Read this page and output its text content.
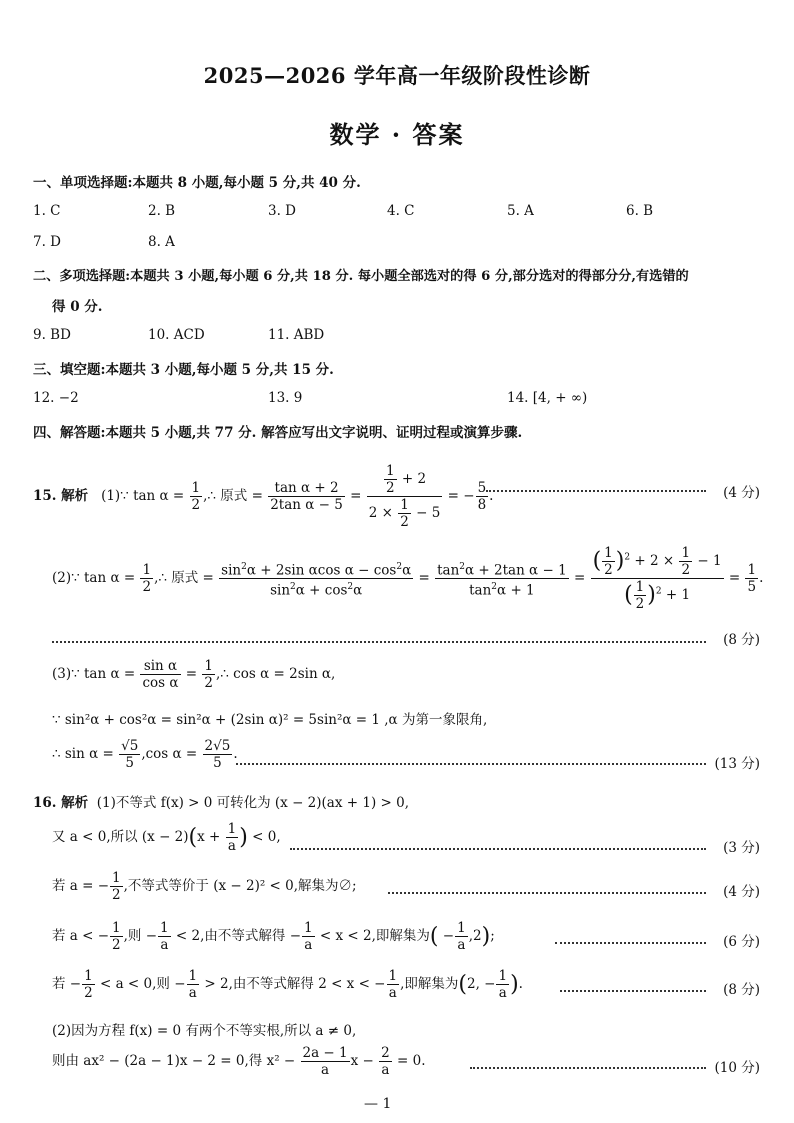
2025—2026 学年高一年级阶段性诊断
数学 · 答案
一、单项选择题:本题共 8 小题,每小题 5 分,共 40 分.
1. C	2. B	3. D	4. C	5. A	6. B
7. D	8. A
二、多项选择题:本题共 3 小题,每小题 6 分,共 18 分. 每小题全部选对的得 6 分,部分选对的得部分分,有选错的
得 0 分.
9. BD	10. ACD	11. ABD
三、填空题:本题共 3 小题,每小题 5 分,共 15 分.
12. −2	13. 9	14. [4, + ∞)
四、解答题:本题共 5 小题,共 77 分. 解答应写出文字说明、证明过程或演算步骤.
15. 解析 (1)∵ $\tan \alpha = \frac{1}{2}$ ,∴ 原式 = $\frac{\text{tan α + 2}}{\text{2tan α − 5}} = \frac{\frac{1}{2} + 2}{2 \times \frac{1}{2} - 5}$ = − $\frac{5}{8}$ .	(4 分)
(2)∵ $\tan \alpha = \frac{1}{2}$ ,∴ 原式 = $\frac{\sin^2\alpha + 2\sin \alpha\cos \alpha - \cos^2\alpha}{\sin^2\alpha + \cos^2\alpha} = \frac{\tan^2\alpha + 2\tan \alpha - 1}{\tan^2\alpha + 1} = \frac{( \frac{1}{2} )^2 + 2 \times \frac{1}{2} - 1}{( \frac{1}{2} )^2 + 1} = \frac{1}{5}$ .
(8 分)
(3)∵ $\tan \alpha = \frac{\text{sin α}}{\text{cos α}} = \frac{1}{2}$ ,∴ cos α = 2sin α,
∵ sin²α + cos²α = sin²α + (2sin α)² = 5sin²α = 1 ,α 为第一象限角,
∴ $\sin \alpha = \frac{√5}{5} ,\cos$ $\alpha = \frac{2√5}{5}$ .
(13 分)
16. 解析 (1)不等式 f(x) > 0 可转化为 (x − 2)(ax + 1) > 0,
又 a < 0,所以 $(x - 2)(x + \frac{1}{a}$ ) < 0,
(3 分)
若 a = − $\frac{1}{2}$ ,不等式等价于 (x − 2)² < 0,解集为∅;	(4 分)
若 a < − $\frac{1}{2}$ ,则 − $\frac{1}{a} < 2$,由不等式解得 − $\frac{1}{a} < x < 2$,即解集为( − $\frac{1}{a} ,2$);	(6 分)
若 − $\frac{1}{2} < a < 0$,则 − $\frac{1}{a} > 2$,由不等式解得 2 < x < − $\frac{1}{a}$ ,即解集为(2, − $\frac{1}{a}$ ).	(8 分)
(2)因为方程 f(x) = 0 有两个不等实根,所以 a ≠ 0,
则由 ax² − (2a − 1)x − 2 = 0,得 $x^2 - \frac{2a - 1}{a}$ $x - \frac{2}{a} = 0$.	(10 分)
— 1
